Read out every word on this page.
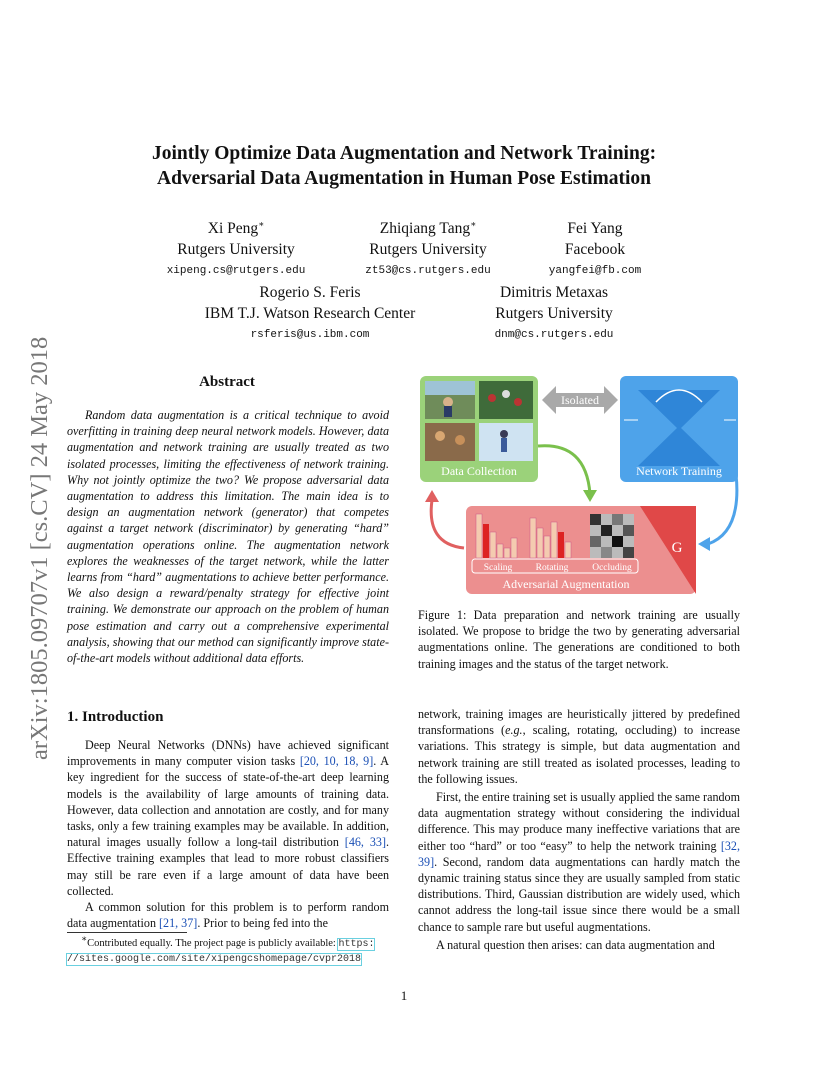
arXiv:1805.09707v1 [cs.CV] 24 May 2018
Jointly Optimize Data Augmentation and Network Training:
Adversarial Data Augmentation in Human Pose Estimation
Xi Peng∗
Rutgers University
xipeng.cs@rutgers.edu
Zhiqiang Tang∗
Rutgers University
zt53@cs.rutgers.edu
Fei Yang
Facebook
yangfei@fb.com
Rogerio S. Feris
IBM T.J. Watson Research Center
rsferis@us.ibm.com
Dimitris Metaxas
Rutgers University
dnm@cs.rutgers.edu
Abstract
Random data augmentation is a critical technique to avoid overfitting in training deep neural network models. However, data augmentation and network training are usually treated as two isolated processes, limiting the effectiveness of network training. Why not jointly optimize the two? We propose adversarial data augmentation to address this limitation. The main idea is to design an augmentation network (generator) that competes against a target network (discriminator) by generating “hard” augmentation operations online. The augmentation network explores the weaknesses of the target network, while the latter learns from “hard” augmentations to achieve better performance. We also design a reward/penalty strategy for effective joint training. We demonstrate our approach on the problem of human pose estimation and carry out a comprehensive experimental analysis, showing that our method can significantly improve state-of-the-art models without additional data efforts.
Data Collection
Isolated
Network Training
G
Scaling Rotating	Occluding
Adversarial Augmentation
Figure 1: Data preparation and network training are usually isolated. We propose to bridge the two by generating adversarial augmentations online. The generations are conditioned to both training images and the status of the target network.
1. Introduction

Deep Neural Networks (DNNs) have achieved significant improvements in many computer vision tasks [20, 10, 18, 9]. A key ingredient for the success of state-of-the-art deep learning models is the availability of large amounts of training data. However, data collection and annotation are costly, and for many tasks, only a few training examples may be available. In addition, natural images usually follow a long-tail distribution [46, 33]. Effective training examples that lead to more robust classifiers may still be rare even if a large amount of data have been collected.

A common solution for this problem is to perform random data augmentation [21, 37]. Prior to being fed into the

∗Contributed equally. The project page is publicly available: https:
//sites.google.com/site/xipengcshomepage/cvpr2018

network, training images are heuristically jittered by predefined transformations (e.g., scaling, rotating, occluding) to increase variations. This strategy is simple, but data augmentation and network training are still treated as isolated processes, leading to the following issues.

First, the entire training set is usually applied the same random data augmentation strategy without considering the individual difference. This may produce many ineffective variations that are either too “hard” or too “easy” to help the network training [32, 39]. Second, random data augmentations can hardly match the dynamic training status since they are usually sampled from static distributions. Third, Gaussian distribution are widely used, which cannot address the long-tail issue since there would be a small chance to sample rare but useful augmentations.

A natural question then arises: can data augmentation and

1
